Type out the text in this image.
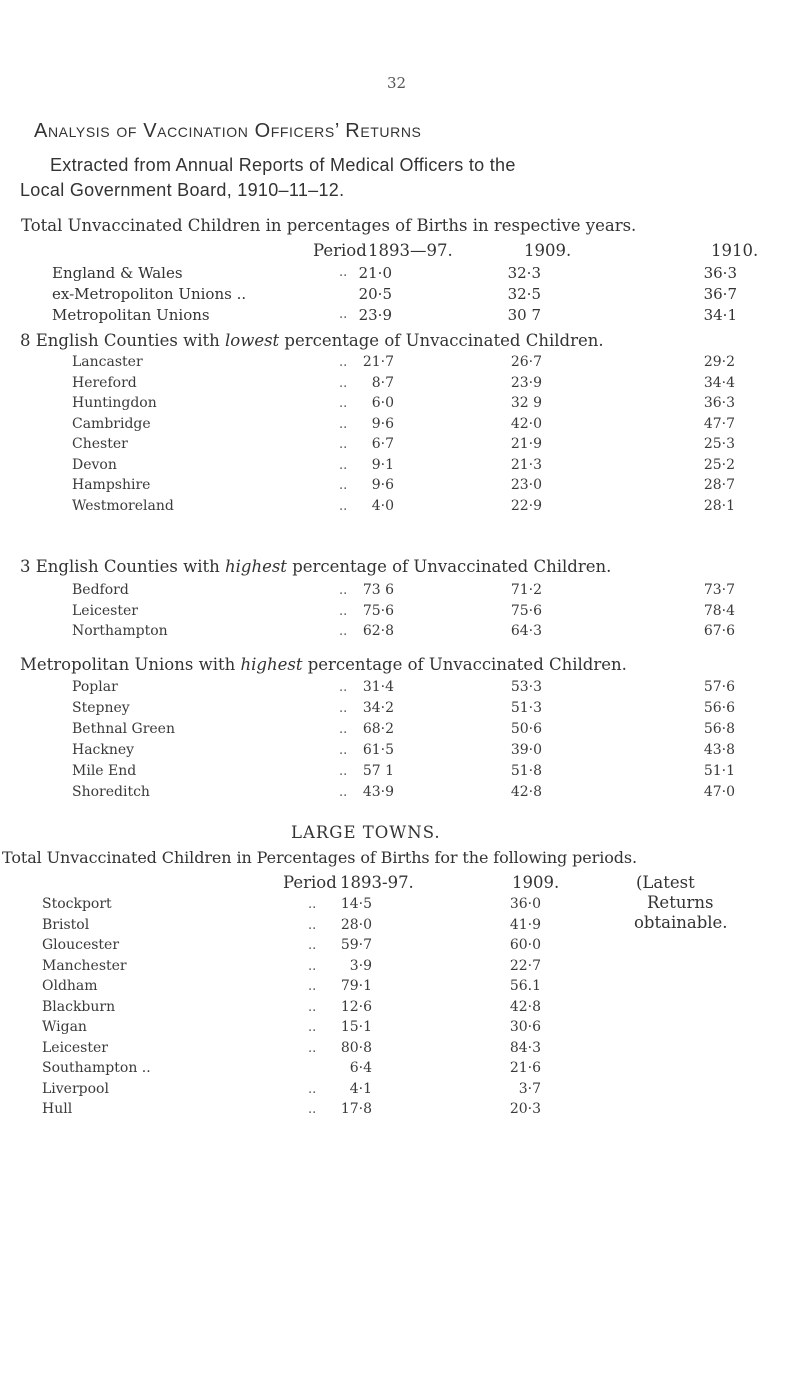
32
Analysis of Vaccination Officers’ Returns
Extracted from Annual Reports of Medical Officers to the
Local Government Board, 1910–11–12.
Total Unvaccinated Children in percentages of Births in respective years.
Period 1893—97.	1909.	1910.
England & Wales	.. 21·0	32·3	36·3
ex-Metropoliton Unions ..	20·5	32·5	36·7
Metropolitan Unions	.. 23·9	30 7	34·1
8 English Counties with lowest percentage of Unvaccinated Children.
Lancaster	.. 21·7	26·7	29·2
Hereford	.. 8·7	23·9	34·4
Huntingdon	.. 6·0	32 9	36·3
Cambridge	.. 9·6	42·0	47·7
Chester	.. 6·7	21·9	25·3
Devon	.. 9·1	21·3	25·2
Hampshire	.. 9·6	23·0	28·7
Westmoreland	.. 4·0	22·9	28·1
3 English Counties with highest percentage of Unvaccinated Children.
Bedford	.. 73 6	71·2	73·7
Leicester	.. 75·6	75·6	78·4
Northampton	.. 62·8	64·3	67·6
Metropolitan Unions with highest percentage of Unvaccinated Children.
Poplar	.. 31·4	53·3	57·6
Stepney	.. 34·2	51·3	56·6
Bethnal Green	.. 68·2	50·6	56·8
Hackney	.. 61·5	39·0	43·8
Mile End	.. 57 1	51·8	51·1
Shoreditch	.. 43·9	42·8	47·0
LARGE TOWNS.
Total Unvaccinated Children in Percentages of Births for the following periods.
Period 1893-97.	1909.	(Latest
Returns
obtainable.
Stockport	.. 14·5	36·0
Bristol	.. 28·0	41·9
Gloucester	.. 59·7	60·0
Manchester	.. 3·9	22·7
Oldham	.. 79·1	56.1
Blackburn	.. 12·6	42·8
Wigan	.. 15·1	30·6
Leicester	.. 80·8	84·3
Southampton ..	6·4	21·6
Liverpool	.. 4·1	3·7
Hull	.. 17·8	20·3
